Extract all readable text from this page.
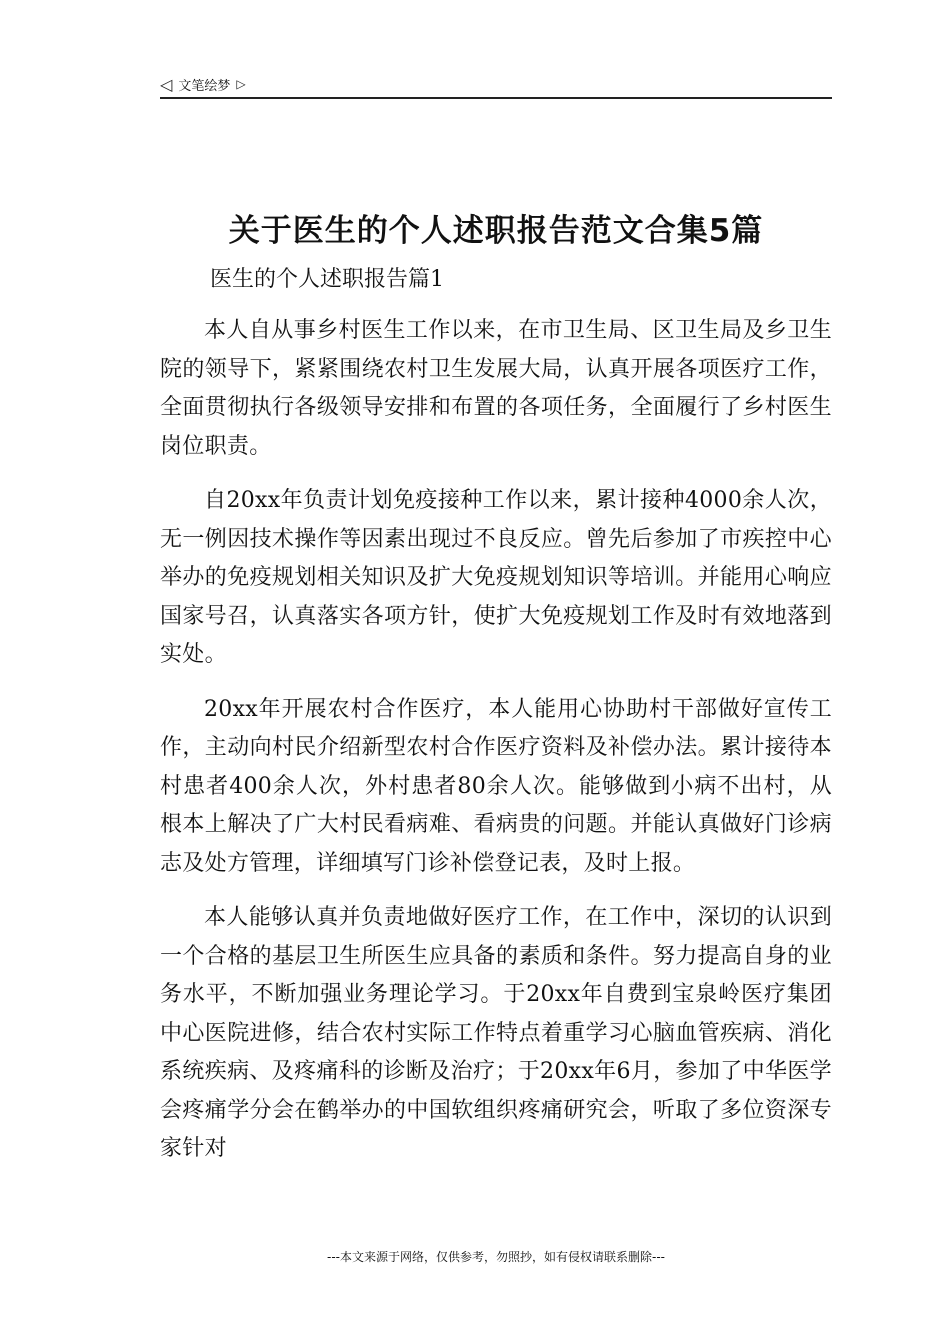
◁ 文笔绘梦 ▷
关于医生的个人述职报告范文合集5篇
医生的个人述职报告篇1

本人自从事乡村医生工作以来，在市卫生局、区卫生局及乡卫生院的领导下，紧紧围绕农村卫生发展大局，认真开展各项医疗工作，全面贯彻执行各级领导安排和布置的各项任务，全面履行了乡村医生岗位职责。

自20xx年负责计划免疫接种工作以来，累计接种4000余人次，无一例因技术操作等因素出现过不良反应。曾先后参加了市疾控中心举办的免疫规划相关知识及扩大免疫规划知识等培训。并能用心响应国家号召，认真落实各项方针，使扩大免疫规划工作及时有效地落到实处。

20xx年开展农村合作医疗，本人能用心协助村干部做好宣传工作，主动向村民介绍新型农村合作医疗资料及补偿办法。累计接待本村患者400余人次，外村患者80余人次。能够做到小病不出村，从根本上解决了广大村民看病难、看病贵的问题。并能认真做好门诊病志及处方管理，详细填写门诊补偿登记表，及时上报。

本人能够认真并负责地做好医疗工作，在工作中，深切的认识到一个合格的基层卫生所医生应具备的素质和条件。努力提高自身的业务水平，不断加强业务理论学习。于20xx年自费到宝泉岭医疗集团中心医院进修，结合农村实际工作特点着重学习心脑血管疾病、消化系统疾病、及疼痛科的诊断及治疗；于20xx年6月，参加了中华医学会疼痛学分会在鹤举办的中国软组织疼痛研究会，听取了多位资深专家针对

---本文来源于网络，仅供参考，勿照抄，如有侵权请联系删除---
